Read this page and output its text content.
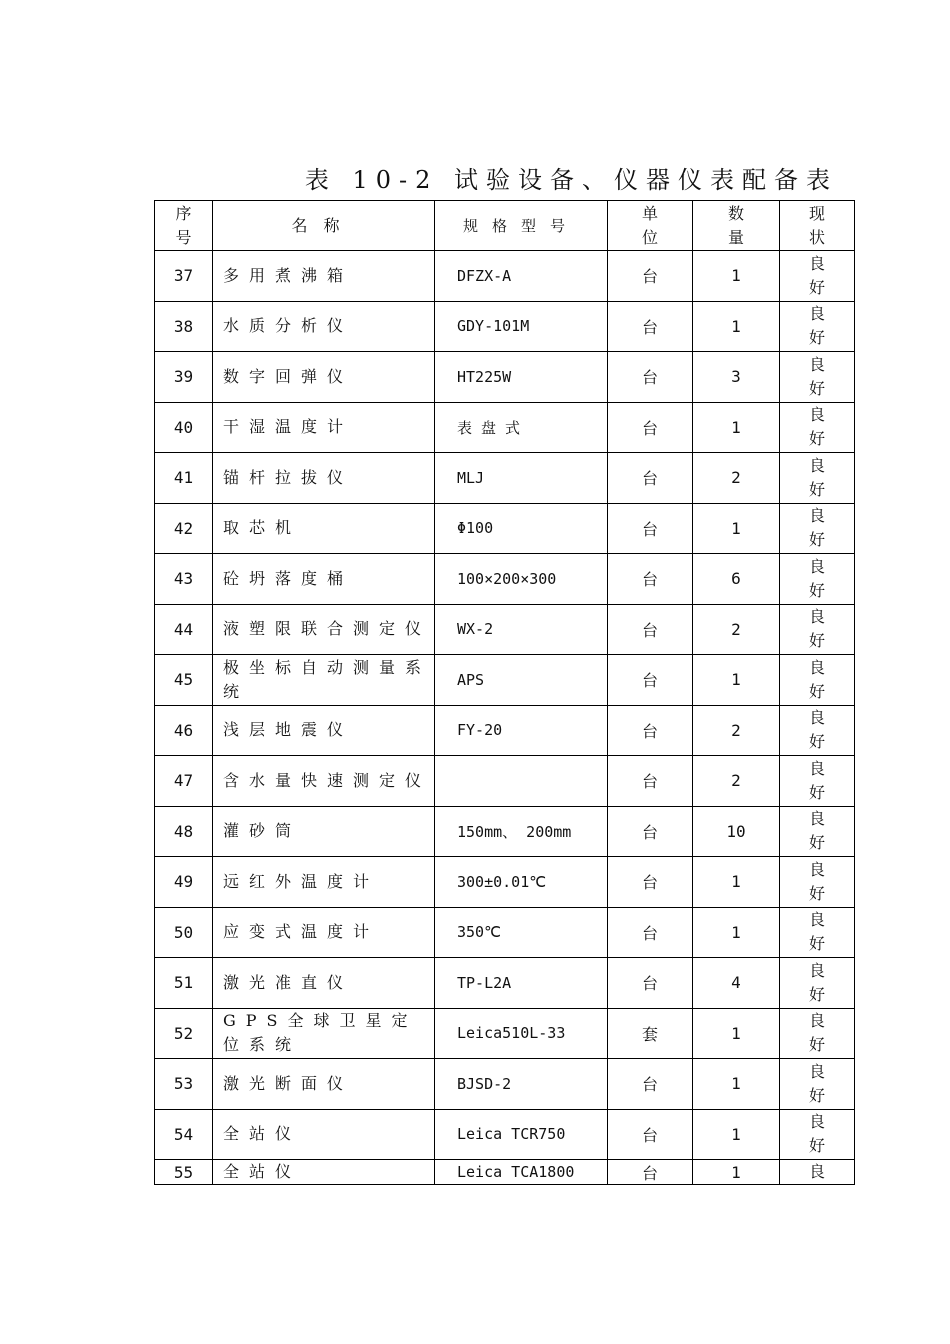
表 10-2 试验设备、仪器仪表配备表
序号	名称	规格型号	单位	数量	现状

37	多用煮沸箱	DFZX-A	台	1	良好

38	水质分析仪	GDY-101M	台	1	良好

39	数字回弹仪	HT225W	台	3	良好

40	干湿温度计	表 盘 式	台	1	良好

41	锚杆拉拔仪	MLJ	台	2	良好

42	取芯机	Φ100	台	1	良好

43	砼坍落度桶	100×200×300	台	6	良好

44	液塑限联合测定仪	WX-2	台	2	良好

45	极坐标自动测量系统	APS	台	1	良好

46	浅层地震仪	FY-20	台	2	良好

47	含水量快速测定仪		台	2	良好

48	灌砂筒	150mm、 200mm	台	10	良好

49	远红外温度计	300±0.01℃	台	1	良好

50	应变式温度计	350℃	台	1	良好

51	激光准直仪	TP-L2A	台	4	良好

52	GPS全球卫星定位系统	Leica510L-33	套	1	良好

53	激光断面仪	BJSD-2	台	1	良好

54	全站仪	Leica TCR750	台	1	良好

55	全站仪	Leica TCA1800	台	1	良
